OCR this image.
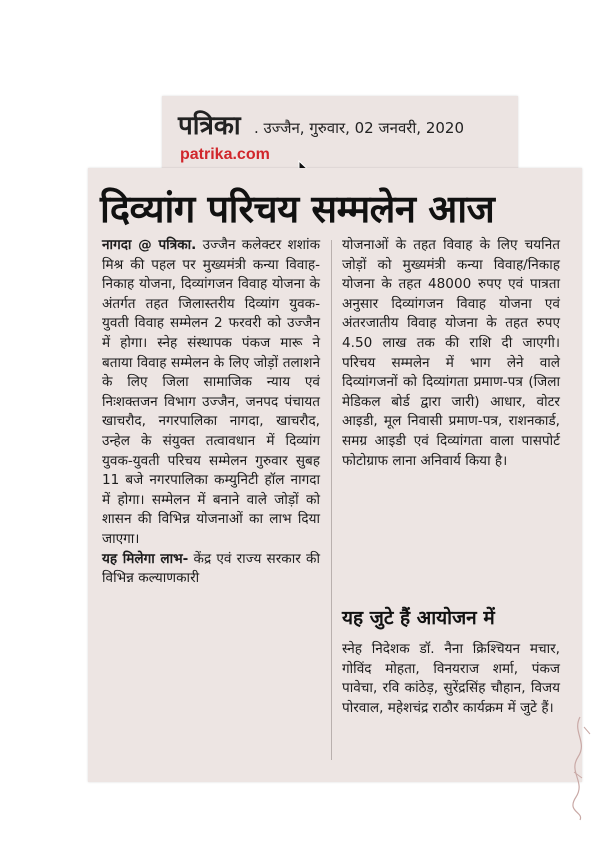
पत्रिका . उज्जैन, गुरुवार, 02 जनवरी, 2020
patrika.com
दिव्यांग परिचय सम्मलेन आज

नागदा @ पत्रिका. उज्जैन कलेक्टर शशांक मिश्र की पहल पर मुख्यमंत्री कन्या विवाह-निकाह योजना, दिव्यांगजन विवाह योजना के अंतर्गत तहत जिलास्तरीय दिव्यांग युवक-युवती विवाह सम्मेलन 2 फरवरी को उज्जैन में होगा। स्नेह संस्थापक पंकज मारू ने बताया विवाह सम्मेलन के लिए जोड़ों तलाशने के लिए जिला सामाजिक न्याय एवं निःशक्तजन विभाग उज्जैन, जनपद पंचायत खाचरौद, नगरपालिका नागदा, खाचरौद, उन्हेल के संयुक्त तत्वावधान में दिव्यांग युवक-युवती परिचय सम्मेलन गुरुवार सुबह 11 बजे नगरपालिका कम्युनिटी हॉल नागदा में होगा। सम्मेलन में बनाने वाले जोड़ों को शासन की विभिन्न योजनाओं का लाभ दिया जाएगा।

यह मिलेगा लाभ- केंद्र एवं राज्य सरकार की विभिन्न कल्याणकारी

योजनाओं के तहत विवाह के लिए चयनित जोड़ों को मुख्यमंत्री कन्या विवाह/निकाह योजना के तहत 48000 रुपए एवं पात्रता अनुसार दिव्यांगजन विवाह योजना एवं अंतरजातीय विवाह योजना के तहत रुपए 4.50 लाख तक की राशि दी जाएगी। परिचय सम्मलेन में भाग लेने वाले दिव्यांगजनों को दिव्यांगता प्रमाण-पत्र (जिला मेडिकल बोर्ड द्वारा जारी) आधार, वोटर आइडी, मूल निवासी प्रमाण-पत्र, राशनकार्ड, समग्र आइडी एवं दिव्यांगता वाला पासपोर्ट फोटोग्राफ लाना अनिवार्य किया है।

यह जुटे हैं आयोजन में

स्नेह निदेशक डॉ. नैना क्रिश्चियन मचार, गोविंद मोहता, विनयराज शर्मा, पंकज पावेचा, रवि कांठेड़, सुरेंद्रसिंह चौहान, विजय पोरवाल, महेशचंद्र राठौर कार्यक्रम में जुटे हैं।
